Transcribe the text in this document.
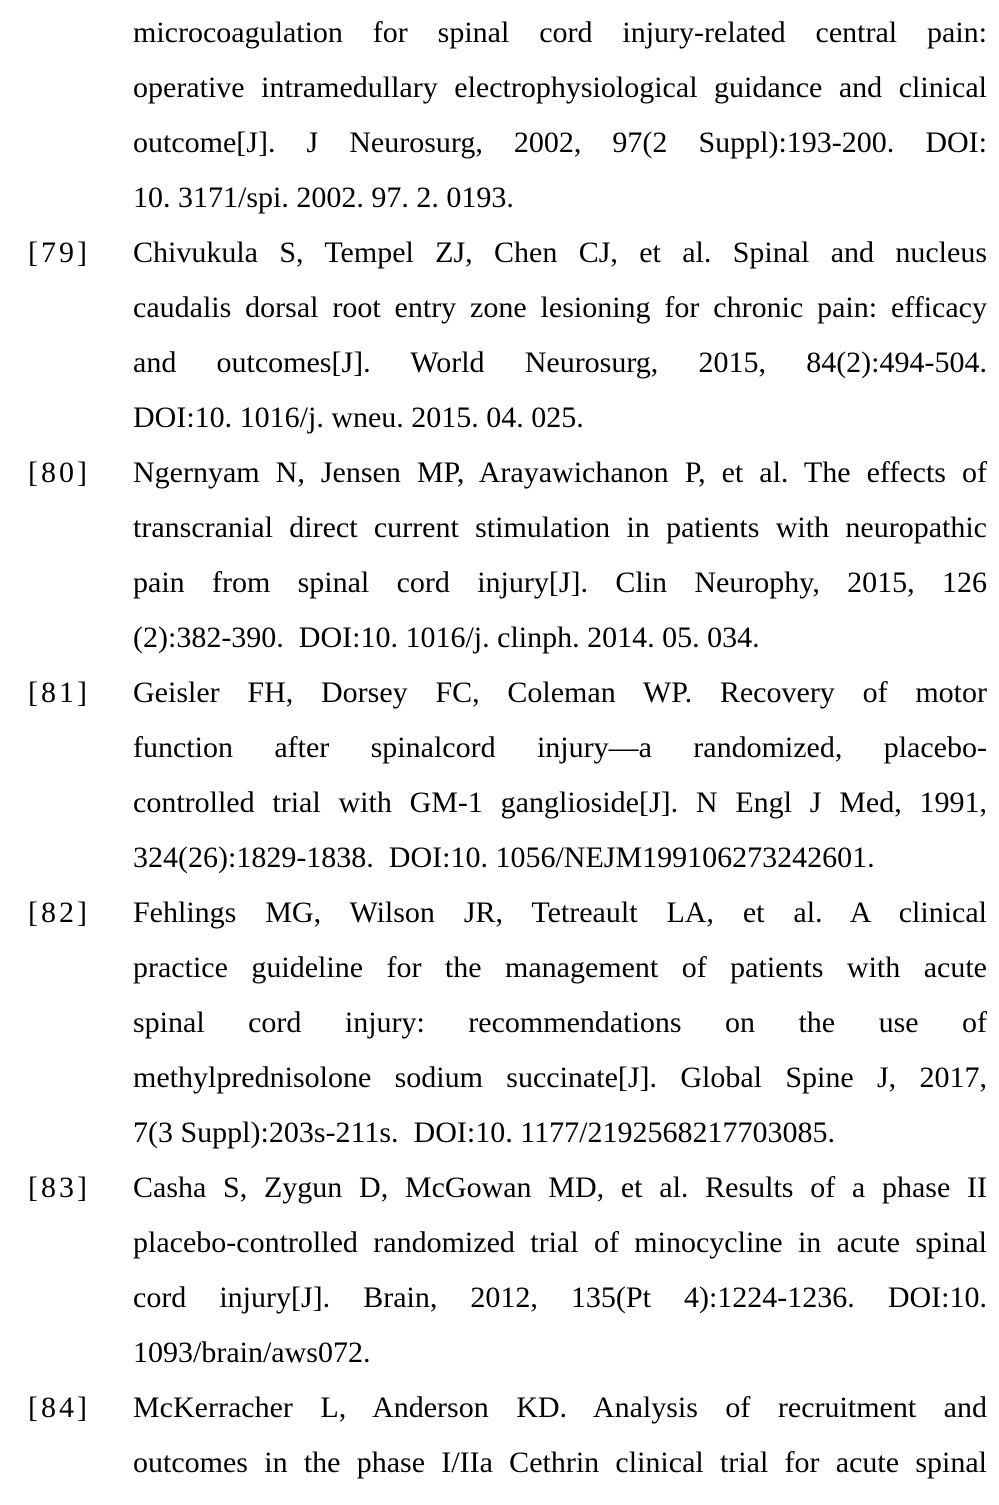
microcoagulation for spinal cord injury-related central pain:
operative intramedullary electrophysiological guidance and clinical
outcome[J]. J Neurosurg, 2002, 97(2 Suppl):193-200. DOI:
10. 3171/spi. 2002. 97. 2. 0193.
[79]	Chivukula S, Tempel ZJ, Chen CJ, et al. Spinal and nucleus
caudalis dorsal root entry zone lesioning for chronic pain: efficacy
and outcomes[J]. World Neurosurg, 2015, 84(2):494-504.
DOI:10. 1016/j. wneu. 2015. 04. 025.
[80]	Ngernyam N, Jensen MP, Arayawichanon P, et al. The effects of
transcranial direct current stimulation in patients with neuropathic
pain from spinal cord injury[J]. Clin Neurophy, 2015, 126
(2):382-390. DOI:10. 1016/j. clinph. 2014. 05. 034.
[81]	Geisler FH, Dorsey FC, Coleman WP. Recovery of motor
function after spinalcord injury—a randomized, placebo-
controlled trial with GM-1 ganglioside[J]. N Engl J Med, 1991,
324(26):1829-1838. DOI:10. 1056/NEJM199106273242601.
[82]	Fehlings MG, Wilson JR, Tetreault LA, et al. A clinical
practice guideline for the management of patients with acute
spinal cord injury: recommendations on the use of
methylprednisolone sodium succinate[J]. Global Spine J, 2017,
7(3 Suppl):203s-211s. DOI:10. 1177/2192568217703085.
[83]	Casha S, Zygun D, McGowan MD, et al. Results of a phase II
placebo-controlled randomized trial of minocycline in acute spinal
cord injury[J]. Brain, 2012, 135(Pt 4):1224-1236. DOI:10.
1093/brain/aws072.
[84]	McKerracher L, Anderson KD. Analysis of recruitment and
outcomes in the phase I/IIa Cethrin clinical trial for acute spinal
